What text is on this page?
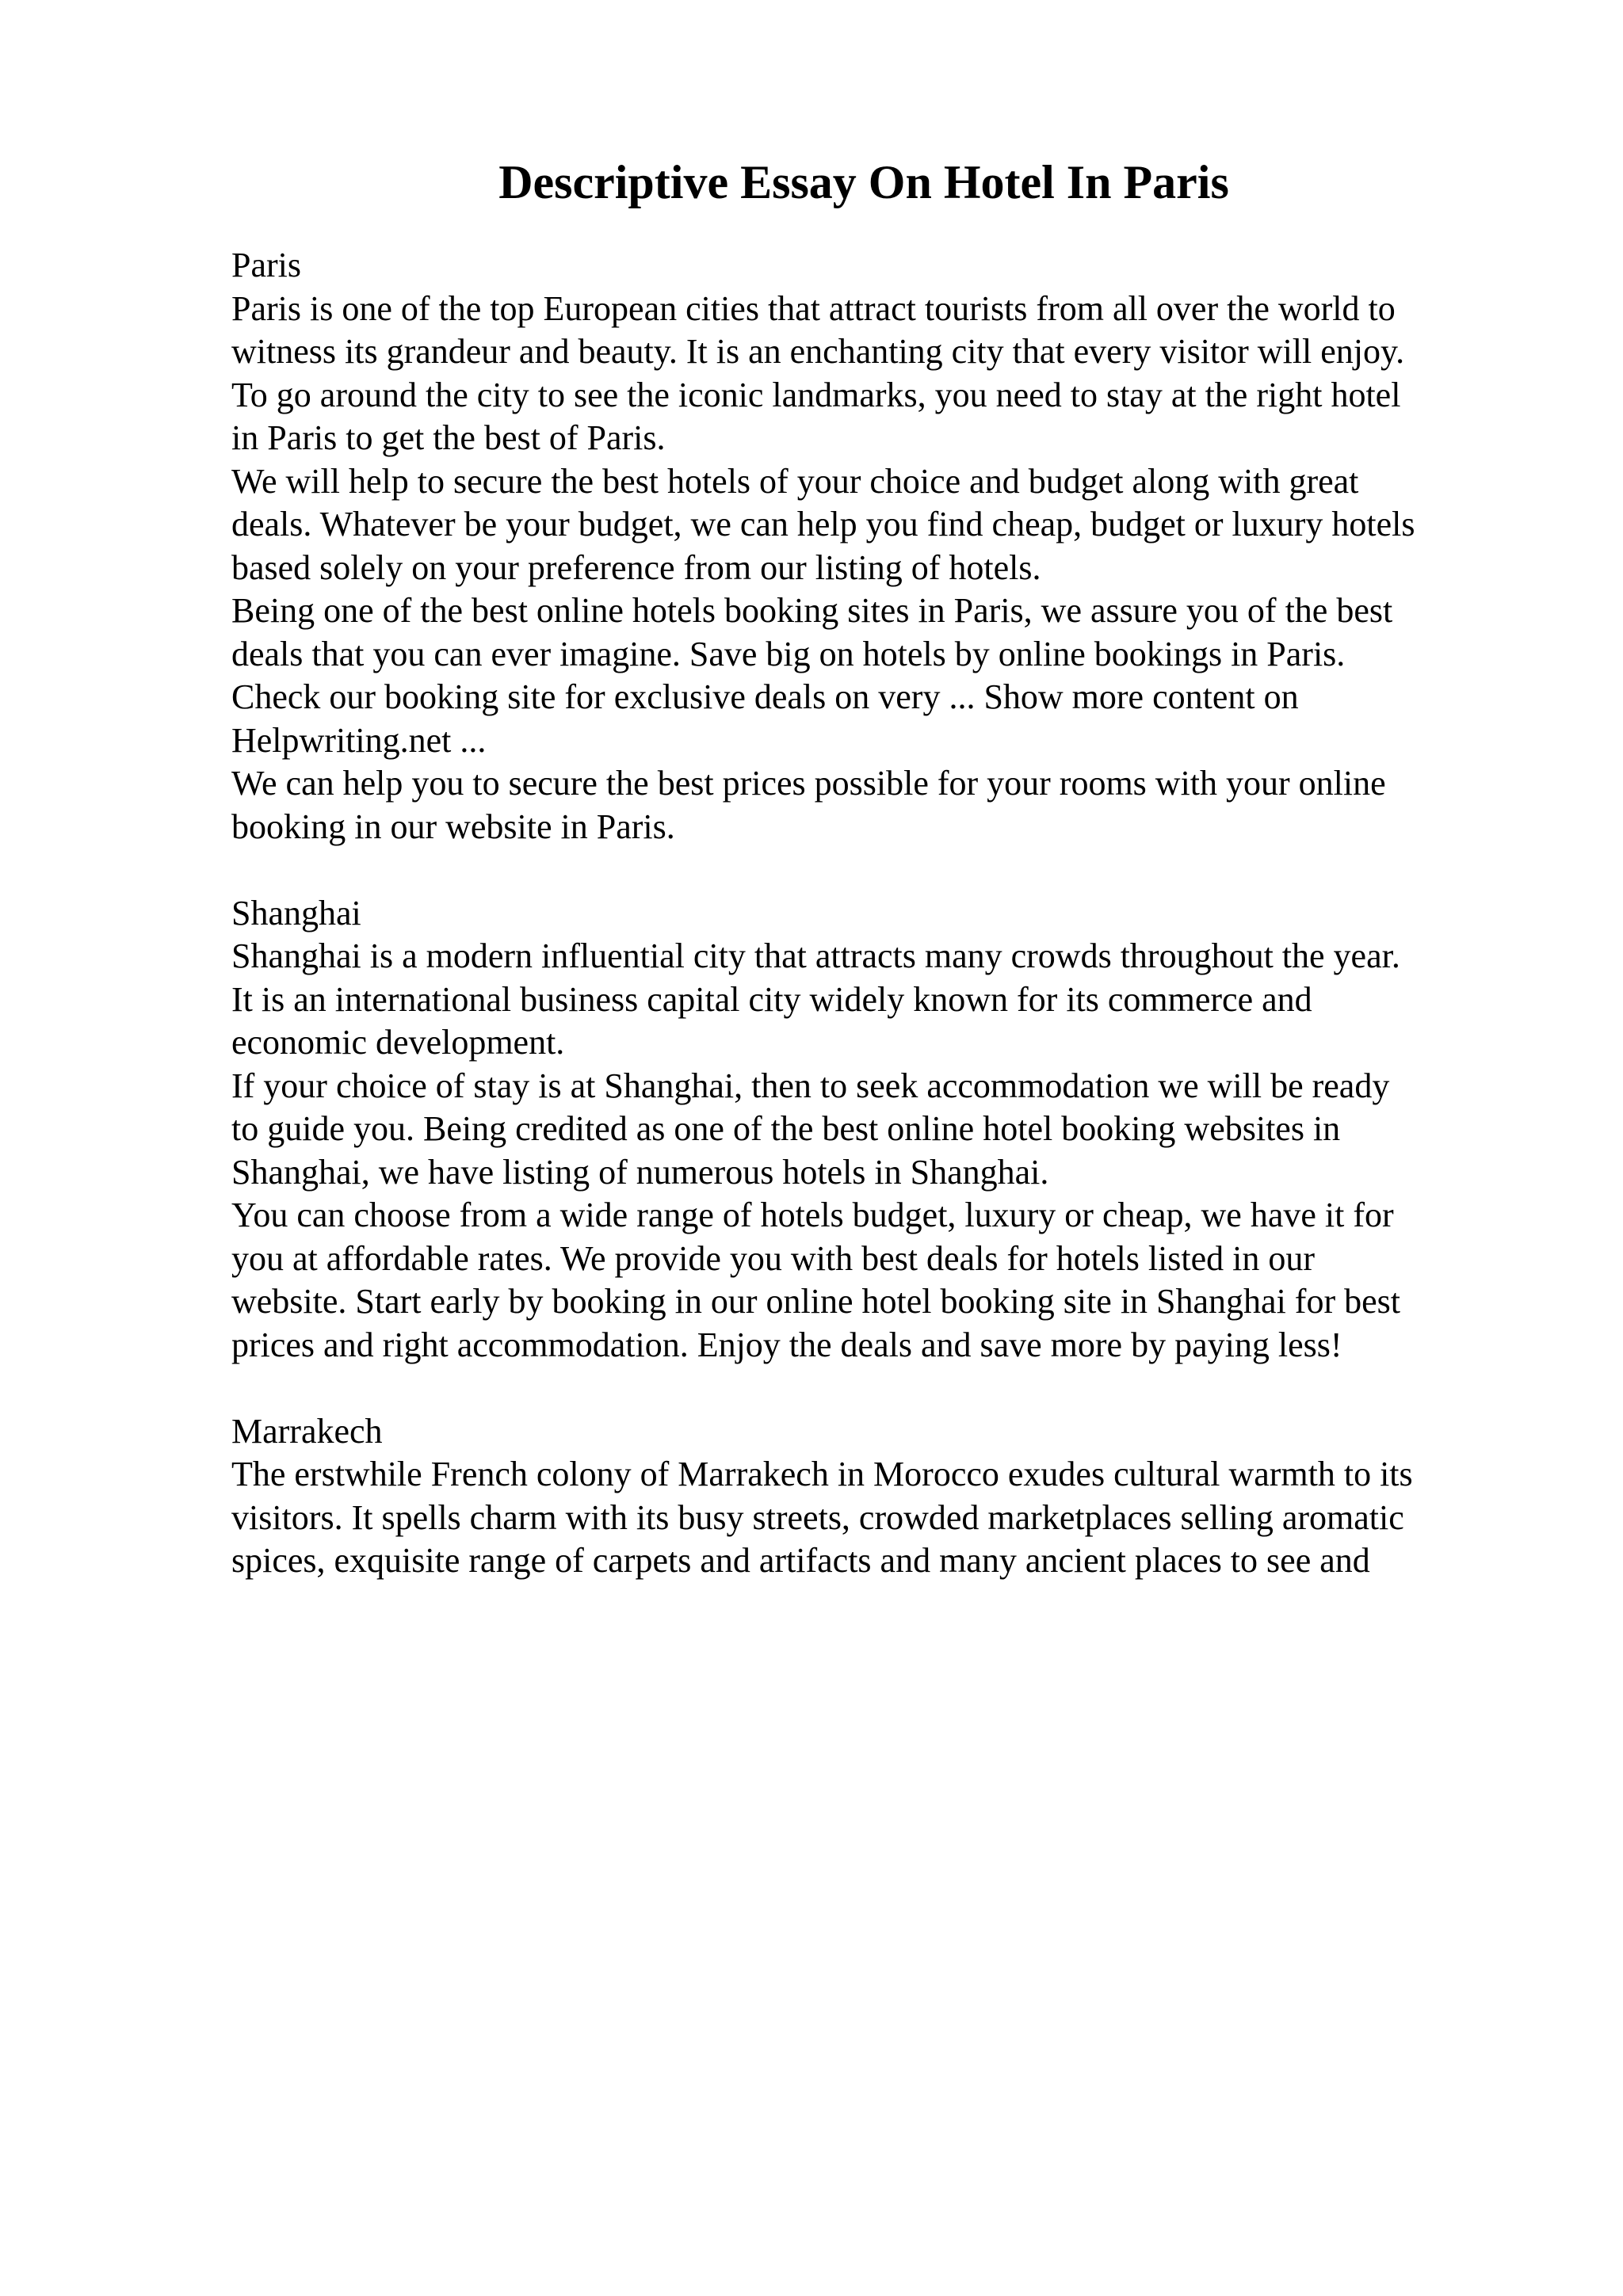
Descriptive Essay On Hotel In Paris

Paris

Paris is one of the top European cities that attract tourists from all over the world to

witness its grandeur and beauty. It is an enchanting city that every visitor will enjoy.

To go around the city to see the iconic landmarks, you need to stay at the right hotel

in Paris to get the best of Paris.

We will help to secure the best hotels of your choice and budget along with great

deals. Whatever be your budget, we can help you find cheap, budget or luxury hotels

based solely on your preference from our listing of hotels.

Being one of the best online hotels booking sites in Paris, we assure you of the best

deals that you can ever imagine. Save big on hotels by online bookings in Paris.

Check our booking site for exclusive deals on very ... Show more content on

Helpwriting.net ...

We can help you to secure the best prices possible for your rooms with your online

booking in our website in Paris.

Shanghai

Shanghai is a modern influential city that attracts many crowds throughout the year.

It is an international business capital city widely known for its commerce and

economic development.

If your choice of stay is at Shanghai, then to seek accommodation we will be ready

to guide you. Being credited as one of the best online hotel booking websites in

Shanghai, we have listing of numerous hotels in Shanghai.

You can choose from a wide range of hotels budget, luxury or cheap, we have it for

you at affordable rates. We provide you with best deals for hotels listed in our

website. Start early by booking in our online hotel booking site in Shanghai for best

prices and right accommodation. Enjoy the deals and save more by paying less!

Marrakech

The erstwhile French colony of Marrakech in Morocco exudes cultural warmth to its

visitors. It spells charm with its busy streets, crowded marketplaces selling aromatic

spices, exquisite range of carpets and artifacts and many ancient places to see and
